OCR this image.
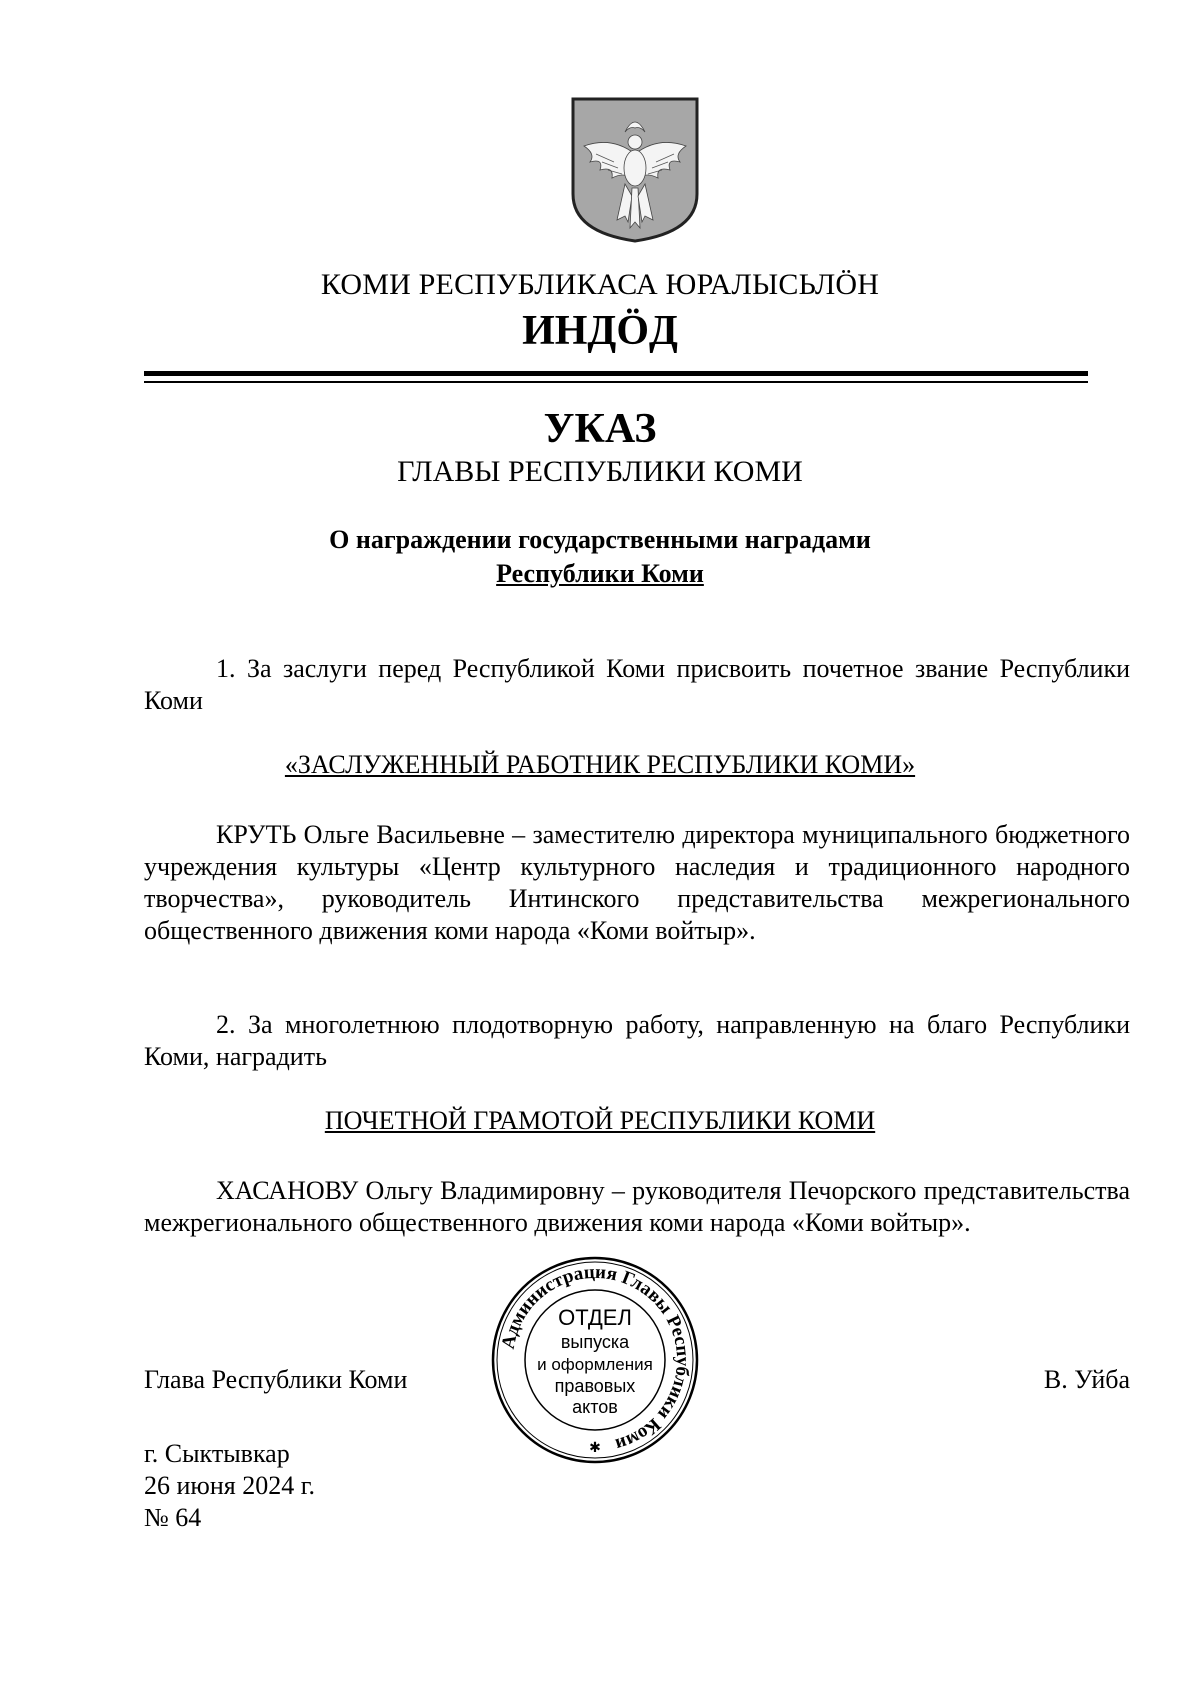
КОМИ РЕСПУБЛИКАСА ЮРАЛЫСЬЛÖН
ИНДÖД
УКАЗ
ГЛАВЫ РЕСПУБЛИКИ КОМИ
О награждении государственными наградами
Республики Коми
1. За заслуги перед Республикой Коми присвоить почетное звание Республики Коми
«ЗАСЛУЖЕННЫЙ РАБОТНИК РЕСПУБЛИКИ КОМИ»
КРУТЬ Ольге Васильевне – заместителю директора муниципального бюджетного учреждения культуры «Центр культурного наследия и традиционного народного творчества», руководитель Интинского представительства межрегионального общественного движения коми народа «Коми войтыр».
2. За многолетнюю плодотворную работу, направленную на благо Республики Коми, наградить
ПОЧЕТНОЙ ГРАМОТОЙ РЕСПУБЛИКИ КОМИ
ХАСАНОВУ Ольгу Владимировну – руководителя Печорского представительства межрегионального общественного движения коми народа «Коми войтыр».
Глава Республики Коми	В. Уйба
г. Сыктывкар
26 июня 2024 г.
№ 64
Администрация Главы Республики Коми
ОТДЕЛ
выпуска
и оформления
правовых
актов
✱
